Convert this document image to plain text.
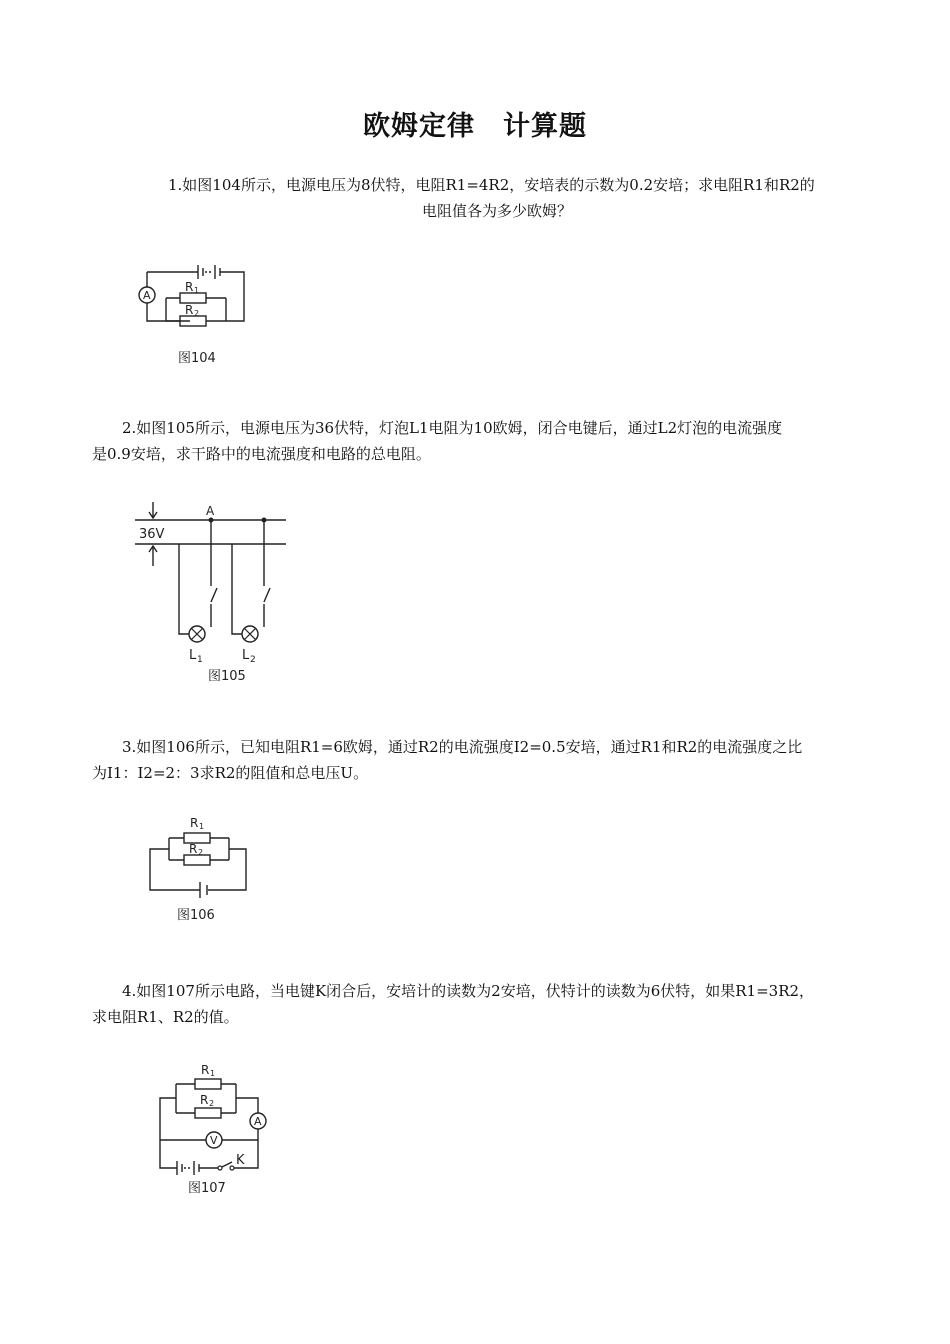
欧姆定律　计算题

1.如图104所示，电源电压为8伏特，电阻R1=4R2，安培表的示数为0.2安培；求电阻R1和R2的

电阻值各为多少欧姆？

A
R 1
R 2
图104

2.如图105所示，电源电压为36伏特，灯泡L1电阻为10欧姆，闭合电键后，通过L2灯泡的电流强度

是0.9安培，求干路中的电流强度和电路的总电阻。

36V
A
L 1	L 2
图105

3.如图106所示，已知电阻R1=6欧姆，通过R2的电流强度I2=0.5安培，通过R1和R2的电流强度之比

为I1：I2=2：3求R2的阻值和总电压U。

R 1
R 2
图106

4.如图107所示电路，当电键K闭合后，安培计的读数为2安培，伏特计的读数为6伏特，如果R1=3R2，

求电阻R1、R2的值。

R 1
R 2
A
V
K
图107
